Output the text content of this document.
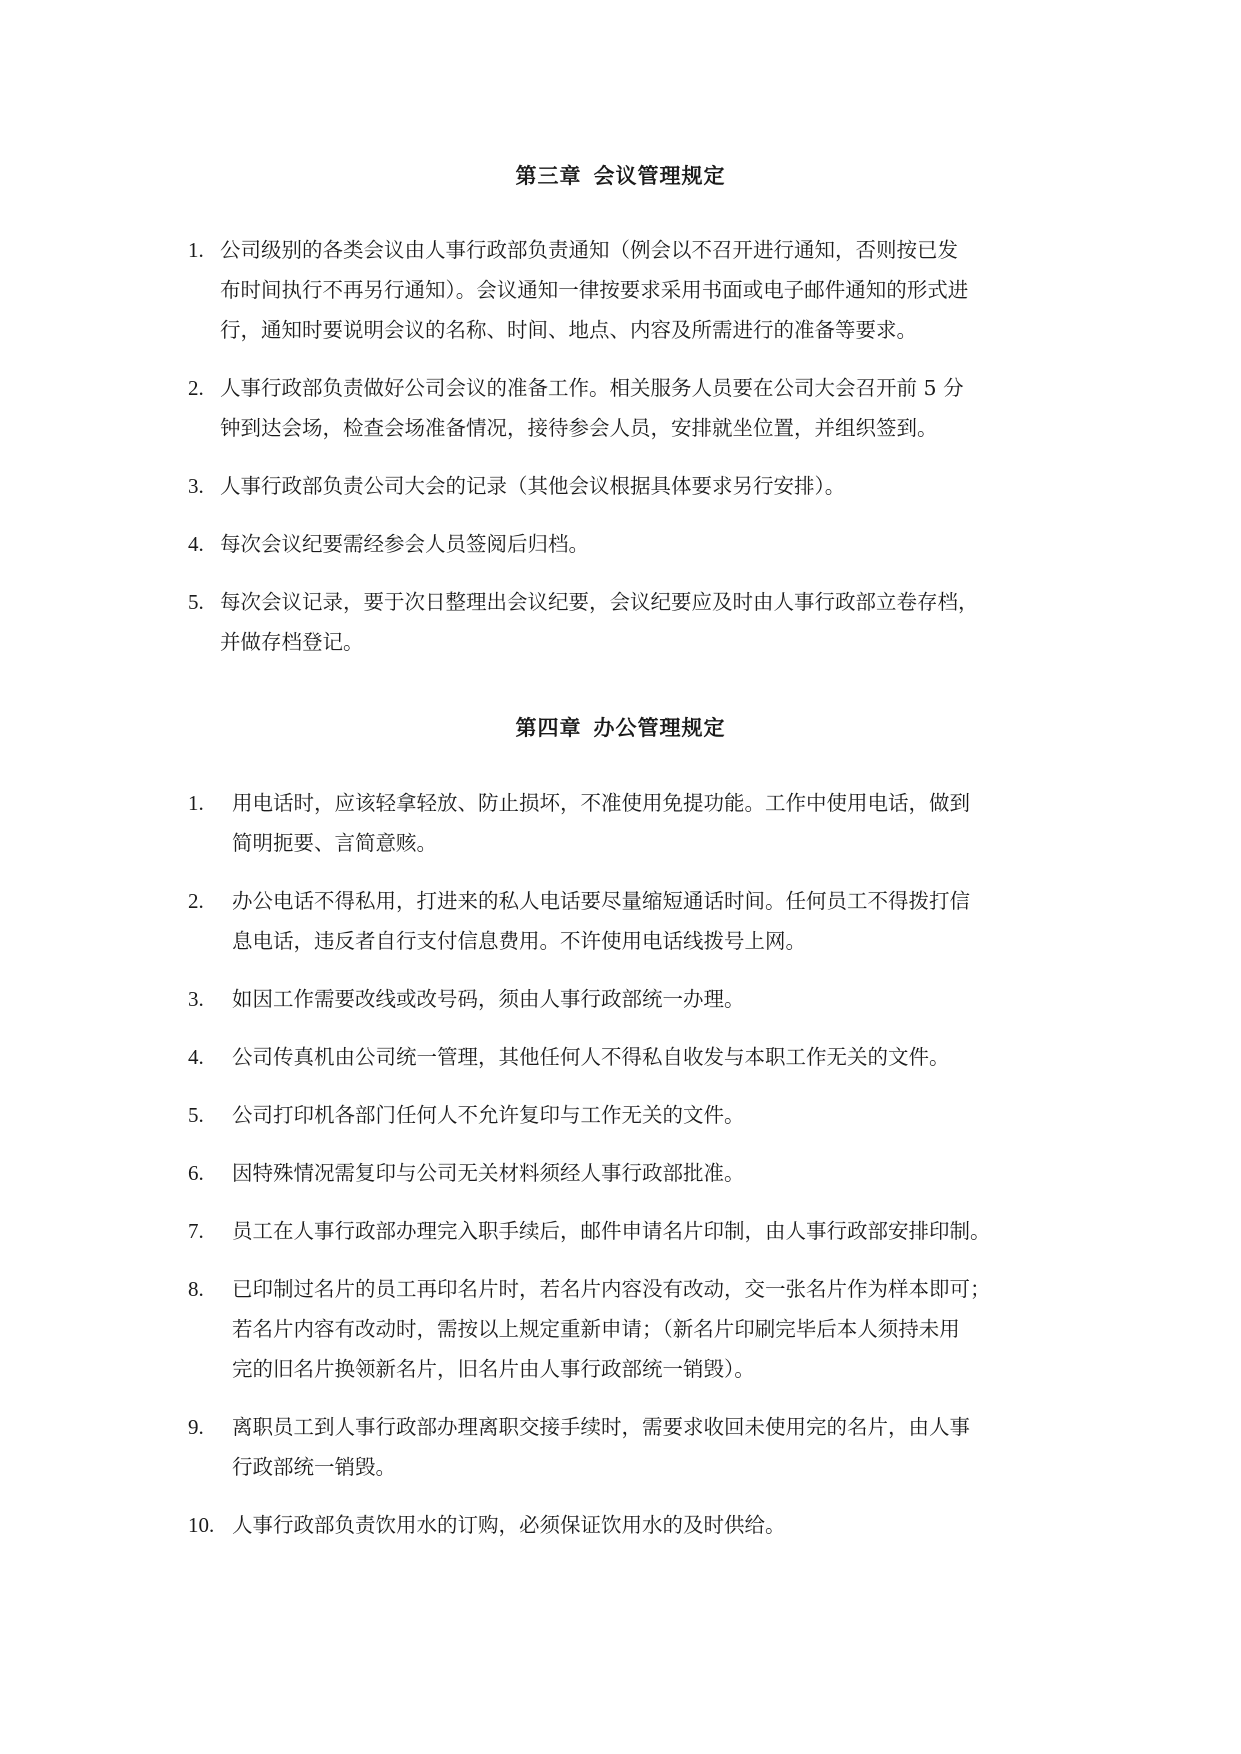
第三章 会议管理规定
1. 公司级别的各类会议由人事行政部负责通知（例会以不召开进行通知，否则按已发
布时间执行不再另行通知）。会议通知一律按要求采用书面或电子邮件通知的形式进
行，通知时要说明会议的名称、时间、地点、内容及所需进行的准备等要求。
2. 人事行政部负责做好公司会议的准备工作。相关服务人员要在公司大会召开前 5 分
钟到达会场，检查会场准备情况，接待参会人员，安排就坐位置，并组织签到。
3. 人事行政部负责公司大会的记录（其他会议根据具体要求另行安排）。
4. 每次会议纪要需经参会人员签阅后归档。
5. 每次会议记录，要于次日整理出会议纪要，会议纪要应及时由人事行政部立卷存档，
并做存档登记。
第四章 办公管理规定
1. 用电话时，应该轻拿轻放、防止损坏，不准使用免提功能。工作中使用电话，做到
简明扼要、言简意赅。
2. 办公电话不得私用，打进来的私人电话要尽量缩短通话时间。任何员工不得拨打信
息电话，违反者自行支付信息费用。不许使用电话线拨号上网。
3. 如因工作需要改线或改号码，须由人事行政部统一办理。
4. 公司传真机由公司统一管理，其他任何人不得私自收发与本职工作无关的文件。
5. 公司打印机各部门任何人不允许复印与工作无关的文件。
6. 因特殊情况需复印与公司无关材料须经人事行政部批准。
7. 员工在人事行政部办理完入职手续后，邮件申请名片印制，由人事行政部安排印制。
8. 已印制过名片的员工再印名片时，若名片内容没有改动，交一张名片作为样本即可；
若名片内容有改动时，需按以上规定重新申请；（新名片印刷完毕后本人须持未用
完的旧名片换领新名片，旧名片由人事行政部统一销毁）。
9. 离职员工到人事行政部办理离职交接手续时，需要求收回未使用完的名片，由人事
行政部统一销毁。
10. 人事行政部负责饮用水的订购，必须保证饮用水的及时供给。
